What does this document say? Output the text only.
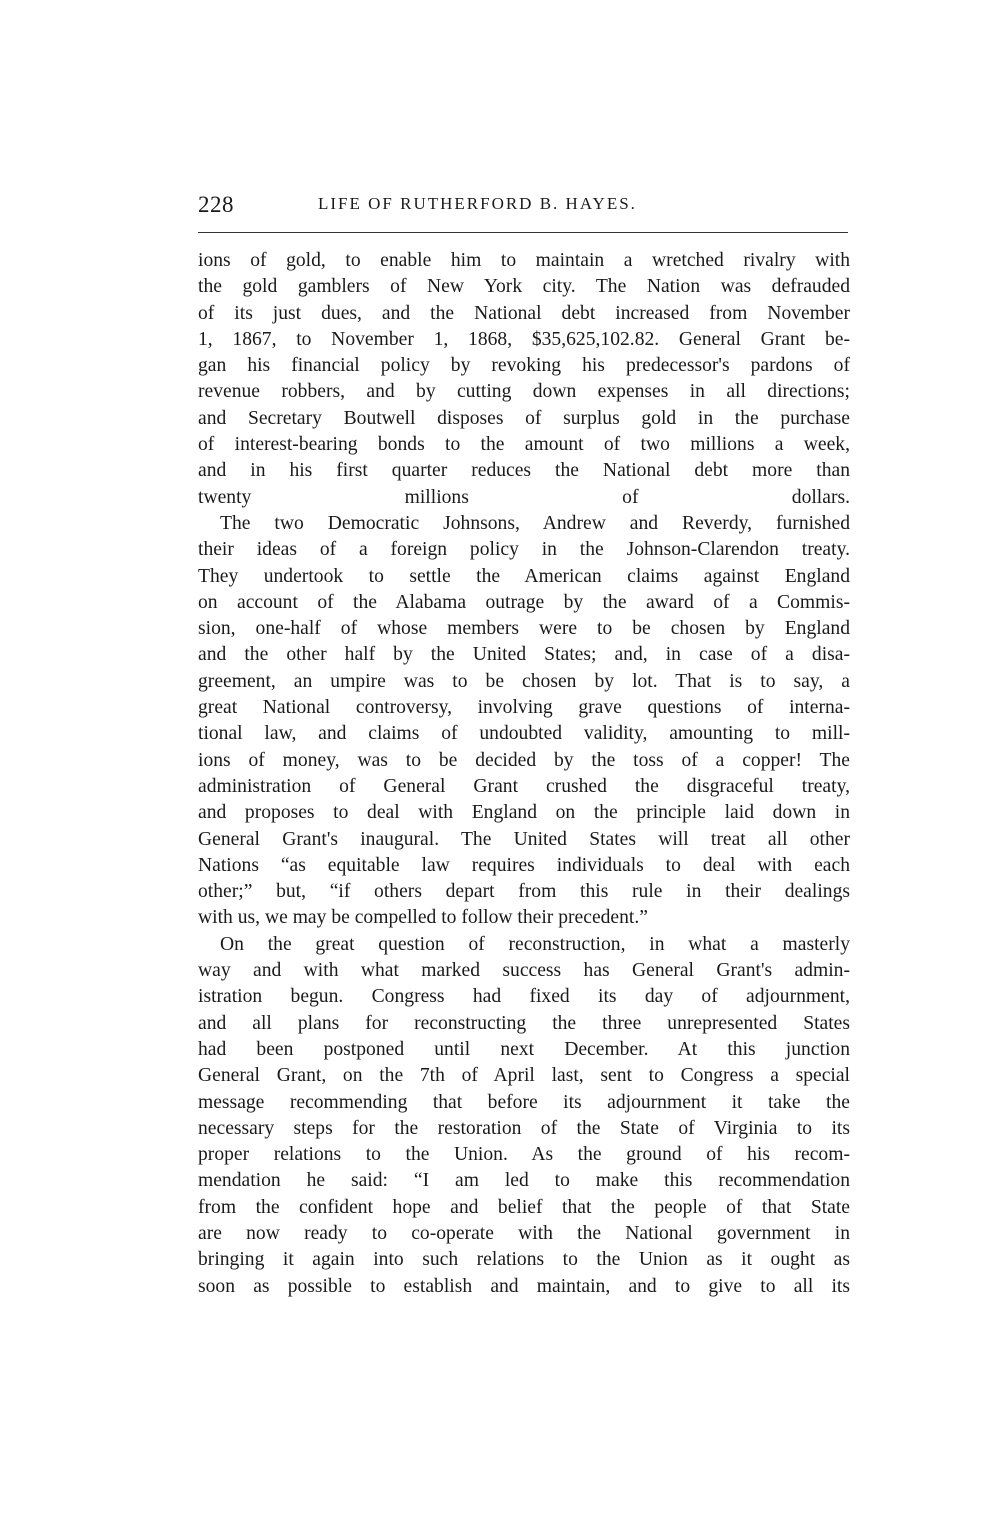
228	LIFE OF RUTHERFORD B. HAYES.

ions of gold, to enable him to maintain a wretched rivalry with
the gold gamblers of New York city. The Nation was defrauded
of its just dues, and the National debt increased from November
1, 1867, to November 1, 1868, $35,625,102.82. General Grant be-
gan his financial policy by revoking his predecessor's pardons of
revenue robbers, and by cutting down expenses in all directions;
and Secretary Boutwell disposes of surplus gold in the purchase
of interest-bearing bonds to the amount of two millions a week,
and in his first quarter reduces the National debt more than
twenty millions of dollars.

The two Democratic Johnsons, Andrew and Reverdy, furnished
their ideas of a foreign policy in the Johnson-Clarendon treaty.
They undertook to settle the American claims against England
on account of the Alabama outrage by the award of a Commis-
sion, one-half of whose members were to be chosen by England
and the other half by the United States; and, in case of a disa-
greement, an umpire was to be chosen by lot. That is to say, a
great National controversy, involving grave questions of interna-
tional law, and claims of undoubted validity, amounting to mill-
ions of money, was to be decided by the toss of a copper! The
administration of General Grant crushed the disgraceful treaty,
and proposes to deal with England on the principle laid down in
General Grant's inaugural. The United States will treat all other
Nations “as equitable law requires individuals to deal with each
other;” but, “if others depart from this rule in their dealings
with us, we may be compelled to follow their precedent.”

On the great question of reconstruction, in what a masterly
way and with what marked success has General Grant's admin-
istration begun. Congress had fixed its day of adjournment,
and all plans for reconstructing the three unrepresented States
had been postponed until next December. At this junction
General Grant, on the 7th of April last, sent to Congress a special
message recommending that before its adjournment it take the
necessary steps for the restoration of the State of Virginia to its
proper relations to the Union. As the ground of his recom-
mendation he said: “I am led to make this recommendation
from the confident hope and belief that the people of that State
are now ready to co-operate with the National government in
bringing it again into such relations to the Union as it ought as
soon as possible to establish and maintain, and to give to all its
